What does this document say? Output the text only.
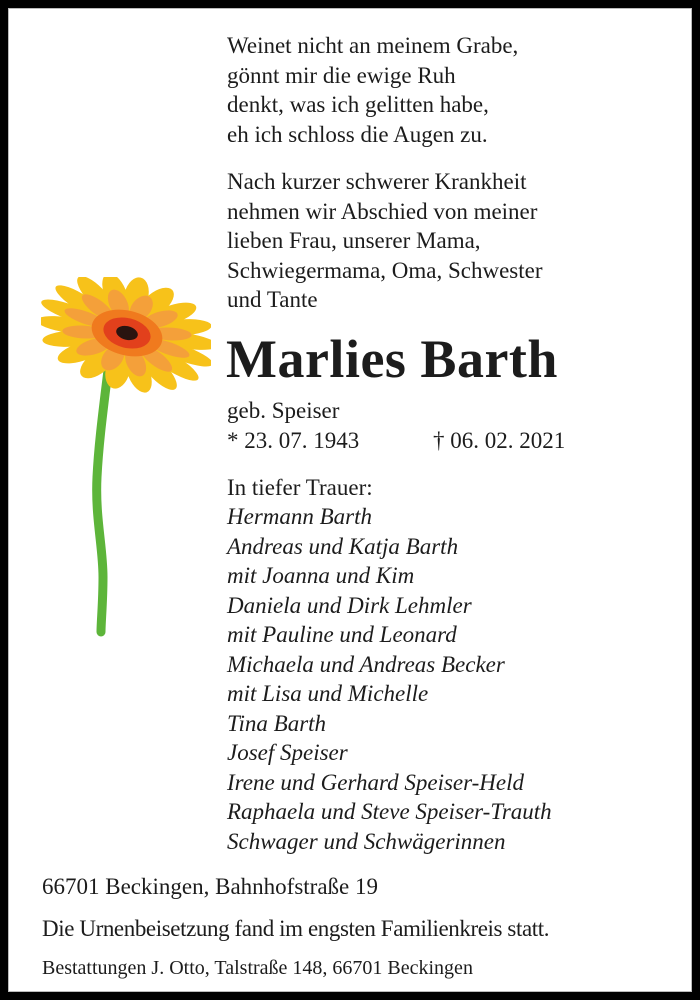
Weinet nicht an meinem Grabe,
gönnt mir die ewige Ruh
denkt, was ich gelitten habe,
eh ich schloss die Augen zu.
Nach kurzer schwerer Krankheit
nehmen wir Abschied von meiner
lieben Frau, unserer Mama,
Schwiegermama, Oma, Schwester
und Tante
Marlies Barth
geb. Speiser
* 23. 07. 1943	† 06. 02. 2021
In tiefer Trauer:
Hermann Barth
Andreas und Katja Barth
mit Joanna und Kim
Daniela und Dirk Lehmler
mit Pauline und Leonard
Michaela und Andreas Becker
mit Lisa und Michelle
Tina Barth
Josef Speiser
Irene und Gerhard Speiser-Held
Raphaela und Steve Speiser-Trauth
Schwager und Schwägerinnen
66701 Beckingen, Bahnhofstraße 19
Die Urnenbeisetzung fand im engsten Familienkreis statt.
Bestattungen J. Otto, Talstraße 148, 66701 Beckingen
